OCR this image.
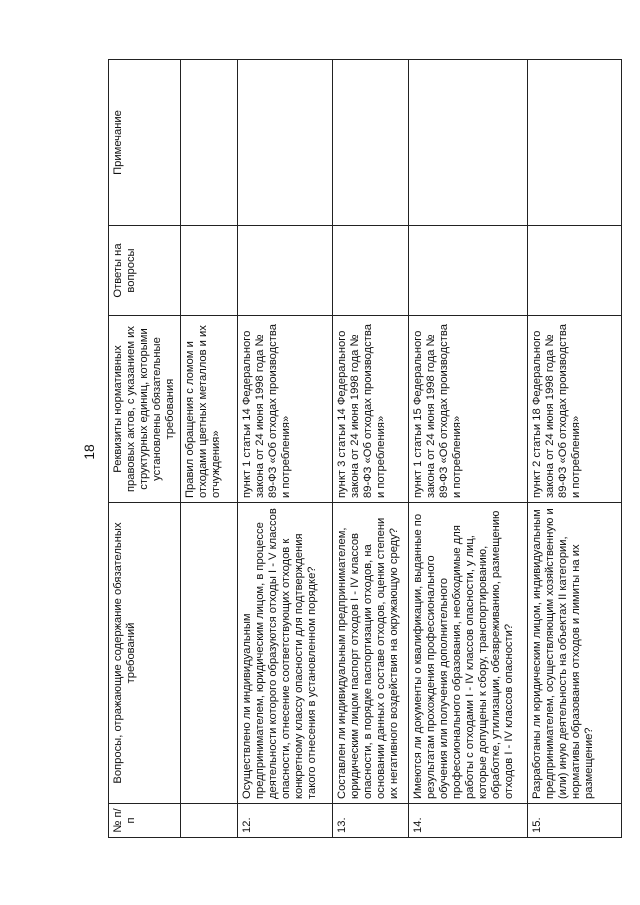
18
№ п/п	Вопросы, отражающие содержание обязательных требований	Реквизиты нормативных правовых актов, с указанием их структурных единиц, которыми установлены обязательные требования	Ответы на вопросы	Примечание
		Правил обращения с ломом и отходами цветных металлов и их отчуждения»		
12.	Осуществлено ли индивидуальным предпринимателем, юридическим лицом, в процессе деятельности которого образуются отходы I - V классов опасности, отнесение соответствующих отходов к конкретному классу опасности для подтверждения такого отнесения в установленном порядке?	пункт 1 статьи 14 Федерального закона от 24 июня 1998 года № 89-ФЗ «Об отходах производства и потребления»		
13.	Составлен ли индивидуальным предпринимателем, юридическим лицом паспорт отходов I - IV классов опасности, в порядке паспортизации отходов, на основании данных о составе отходов, оценки степени их негативного воздействия на окружающую среду?	пункт 3 статьи 14 Федерального закона от 24 июня 1998 года № 89-ФЗ «Об отходах производства и потребления»		
14.	Имеются ли документы о квалификации, выданные по результатам прохождения профессионального обучения или получения дополнительного профессионального образования, необходимые для работы с отходами I - IV классов опасности, у лиц, которые допущены к сбору, транспортированию, обработке, утилизации, обезвреживанию, размещению отходов I - IV классов опасности?	пункт 1 статьи 15 Федерального закона от 24 июня 1998 года № 89-ФЗ «Об отходах производства и потребления»		
15.	Разработаны ли юридическим лицом, индивидуальным предпринимателем, осуществляющим хозяйственную и (или) иную деятельность на объектах II категории, нормативы образования отходов и лимиты на их размещение?	пункт 2 статьи 18 Федерального закона от 24 июня 1998 года № 89-ФЗ «Об отходах производства и потребления»		
